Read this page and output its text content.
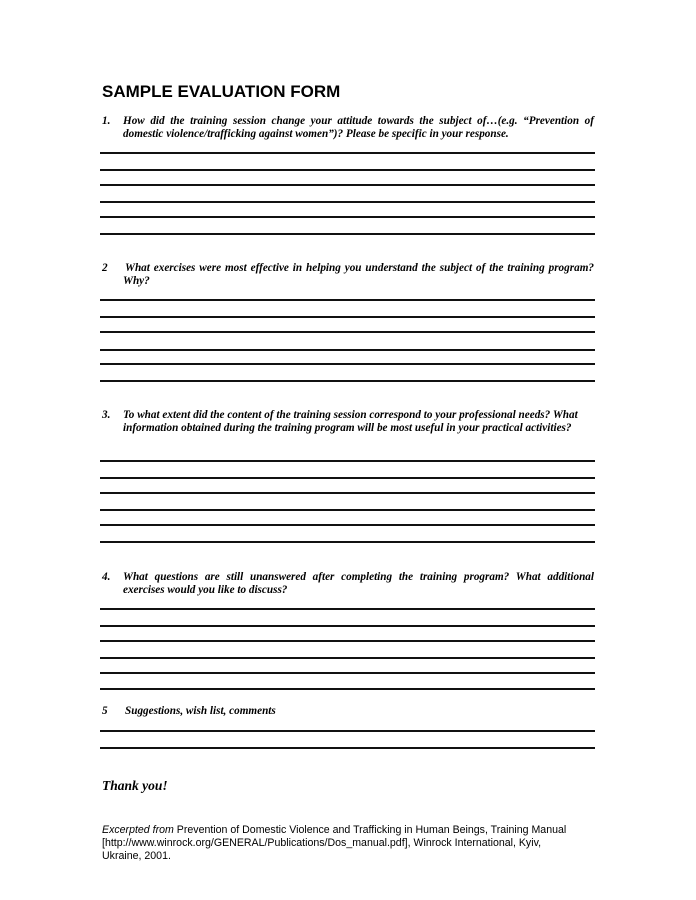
SAMPLE EVALUATION FORM
1. How did the training session change your attitude towards the subject of…(e.g. “Prevention of domestic violence/trafficking against women”)? Please be specific in your response.
2 What exercises were most effective in helping you understand the subject of the training program? Why?
3. To what extent did the content of the training session correspond to your professional needs? What information obtained during the training program will be most useful in your practical activities?
4. What questions are still unanswered after completing the training program? What additional exercises would you like to discuss?
5 Suggestions, wish list, comments
Thank you!
Excerpted from Prevention of Domestic Violence and Trafficking in Human Beings, Training Manual [http://www.winrock.org/GENERAL/Publications/Dos_manual.pdf], Winrock International, Kyiv, Ukraine, 2001.
